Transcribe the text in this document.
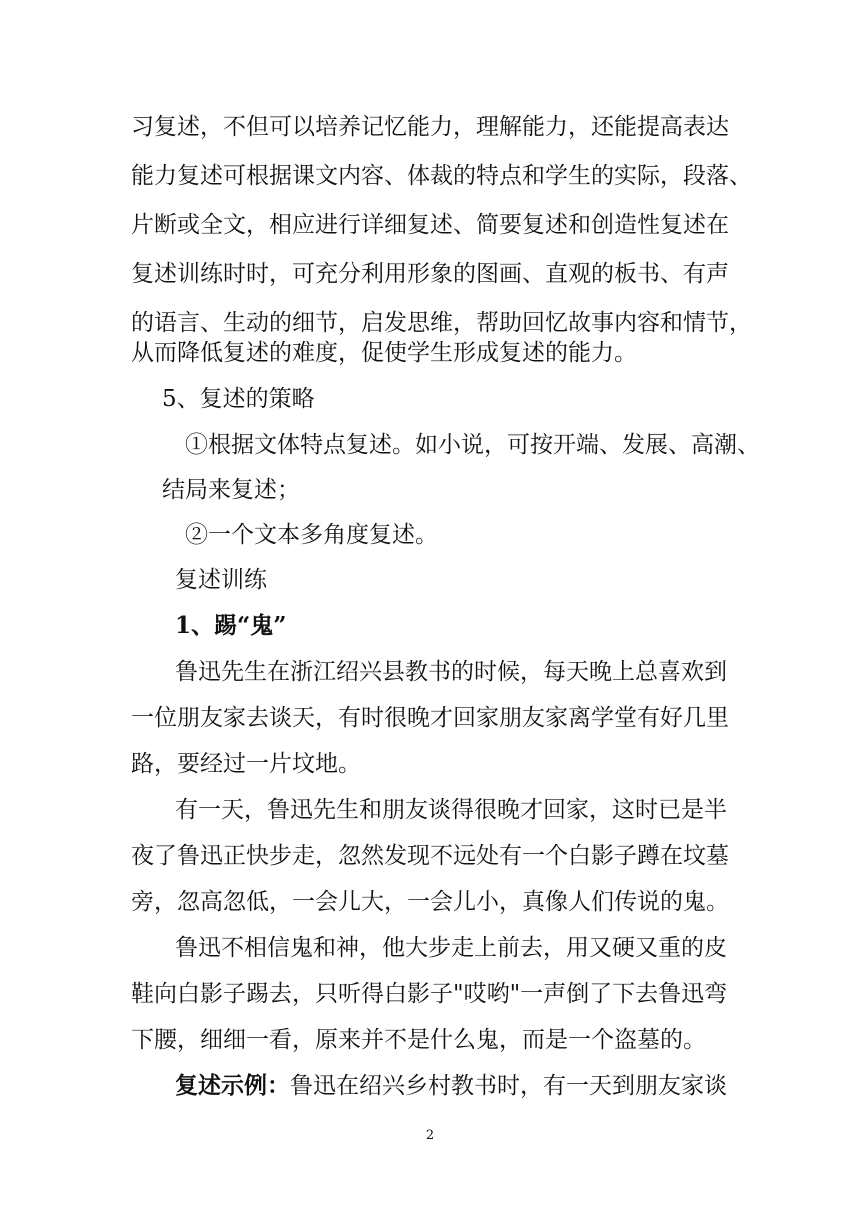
习复述，不但可以培养记忆能力，理解能力，还能提高表达
能力复述可根据课文内容、体裁的特点和学生的实际，段落、
片断或全文，相应进行详细复述、简要复述和创造性复述在
复述训练时时，可充分利用形象的图画、直观的板书、有声
的语言、生动的细节，启发思维，帮助回忆故事内容和情节，
从而降低复述的难度，促使学生形成复述的能力。
5、复述的策略
①根据文体特点复述。如小说，可按开端、发展、高潮、
结局来复述；
②一个文本多角度复述。
复述训练
1、踢“鬼”
鲁迅先生在浙江绍兴县教书的时候，每天晚上总喜欢到
一位朋友家去谈天，有时很晚才回家朋友家离学堂有好几里
路，要经过一片坟地。
有一天，鲁迅先生和朋友谈得很晚才回家，这时已是半
夜了鲁迅正快步走，忽然发现不远处有一个白影子蹲在坟墓
旁，忽高忽低，一会儿大，一会儿小，真像人们传说的鬼。
鲁迅不相信鬼和神，他大步走上前去，用又硬又重的皮
鞋向白影子踢去，只听得白影子"哎哟"一声倒了下去鲁迅弯
下腰，细细一看，原来并不是什么鬼，而是一个盗墓的。
复述示例：鲁迅在绍兴乡村教书时，有一天到朋友家谈
2
